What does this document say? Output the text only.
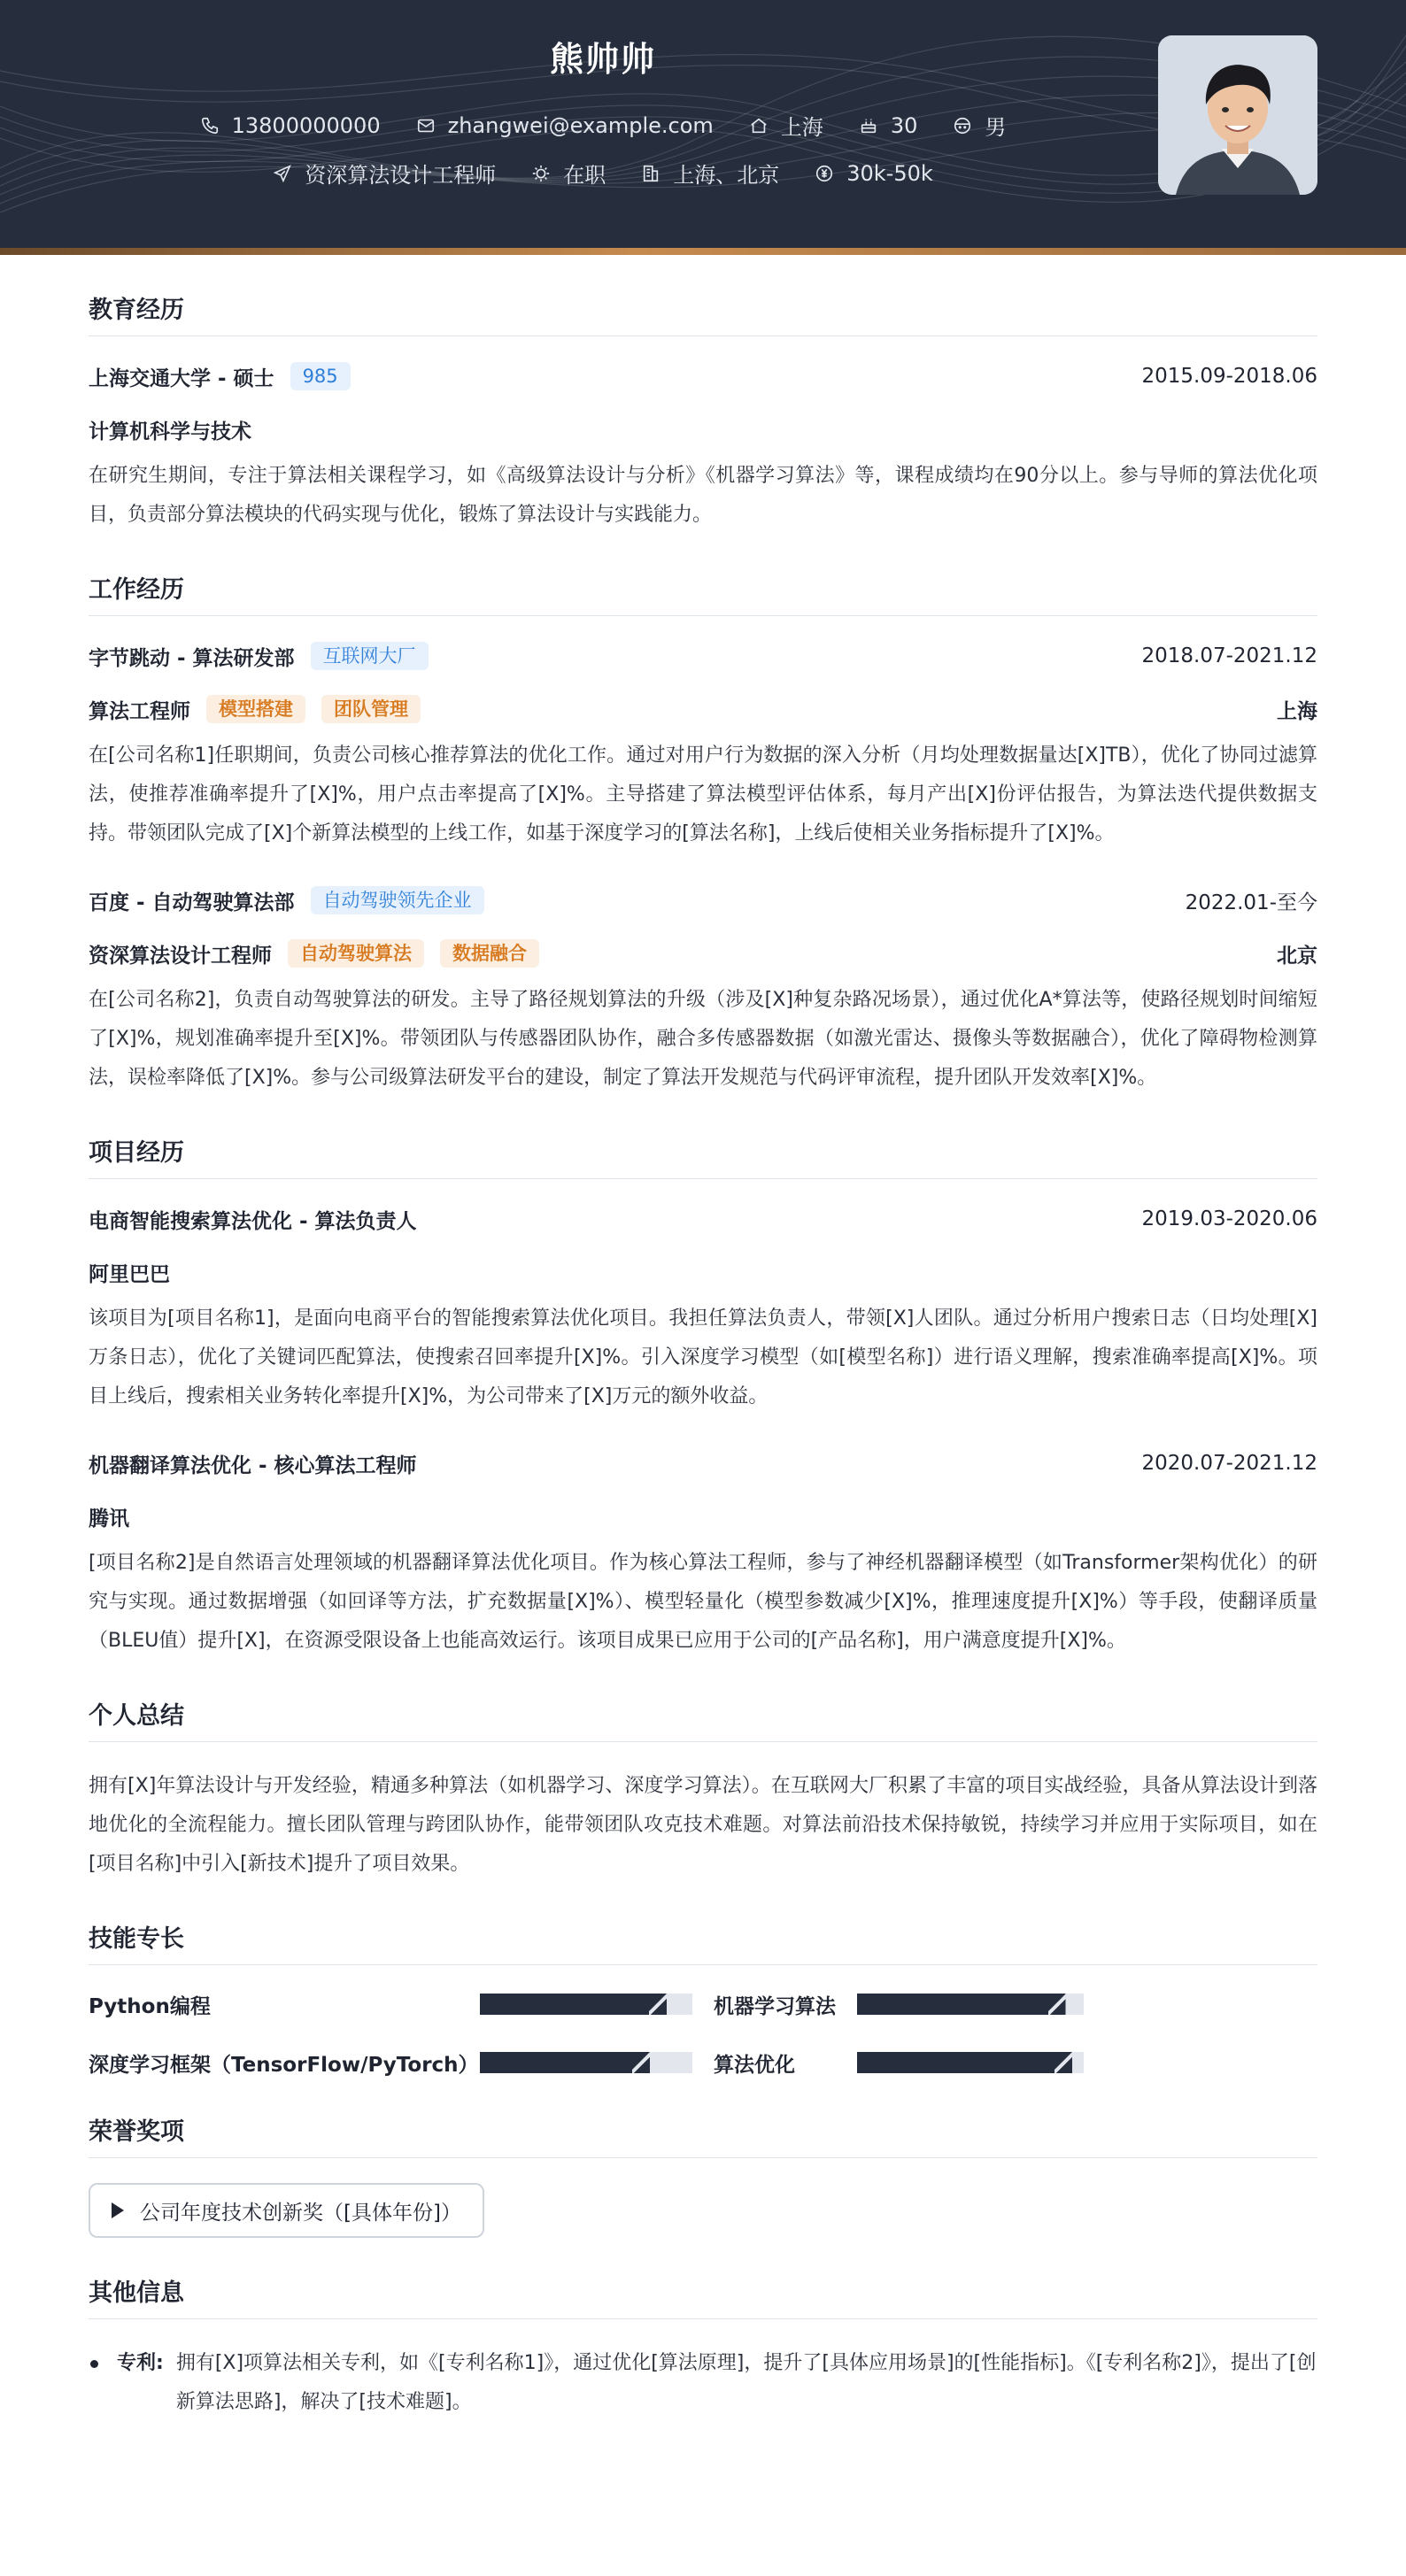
熊帅帅
13800000000	zhangwei@example.com	上海	30	男
资深算法设计工程师	在职	上海、北京	30k-50k
教育经历
上海交通大学 - 硕士	985	2015.09-2018.06
计算机科学与技术
在研究生期间，专注于算法相关课程学习，如《高级算法设计与分析》《机器学习算法》等，课程成绩均在90分以上。参与导师的算法优化项目，负责部分算法模块的代码实现与优化，锻炼了算法设计与实践能力。
工作经历
字节跳动 - 算法研发部	互联网大厂	2018.07-2021.12
算法工程师	模型搭建	团队管理	上海
在[公司名称1]任职期间，负责公司核心推荐算法的优化工作。通过对用户行为数据的深入分析（月均处理数据量达[X]TB），优化了协同过滤算法，使推荐准确率提升了[X]%，用户点击率提高了[X]%。主导搭建了算法模型评估体系，每月产出[X]份评估报告，为算法迭代提供数据支持。带领团队完成了[X]个新算法模型的上线工作，如基于深度学习的[算法名称]，上线后使相关业务指标提升了[X]%。
百度 - 自动驾驶算法部	自动驾驶领先企业	2022.01-至今
资深算法设计工程师	自动驾驶算法	数据融合	北京
在[公司名称2]，负责自动驾驶算法的研发。主导了路径规划算法的升级（涉及[X]种复杂路况场景），通过优化A*算法等，使路径规划时间缩短了[X]%，规划准确率提升至[X]%。带领团队与传感器团队协作，融合多传感器数据（如激光雷达、摄像头等数据融合），优化了障碍物检测算法，误检率降低了[X]%。参与公司级算法研发平台的建设，制定了算法开发规范与代码评审流程，提升团队开发效率[X]%。
项目经历
电商智能搜索算法优化 - 算法负责人	2019.03-2020.06
阿里巴巴
该项目为[项目名称1]，是面向电商平台的智能搜索算法优化项目。我担任算法负责人，带领[X]人团队。通过分析用户搜索日志（日均处理[X]万条日志），优化了关键词匹配算法，使搜索召回率提升[X]%。引入深度学习模型（如[模型名称]）进行语义理解，搜索准确率提高[X]%。项目上线后，搜索相关业务转化率提升[X]%，为公司带来了[X]万元的额外收益。
机器翻译算法优化 - 核心算法工程师	2020.07-2021.12
腾讯
[项目名称2]是自然语言处理领域的机器翻译算法优化项目。作为核心算法工程师，参与了神经机器翻译模型（如Transformer架构优化）的研究与实现。通过数据增强（如回译等方法，扩充数据量[X]%）、模型轻量化（模型参数减少[X]%，推理速度提升[X]%）等手段，使翻译质量（BLEU值）提升[X]，在资源受限设备上也能高效运行。该项目成果已应用于公司的[产品名称]，用户满意度提升[X]%。
个人总结
拥有[X]年算法设计与开发经验，精通多种算法（如机器学习、深度学习算法）。在互联网大厂积累了丰富的项目实战经验，具备从算法设计到落地优化的全流程能力。擅长团队管理与跨团队协作，能带领团队攻克技术难题。对算法前沿技术保持敏锐，持续学习并应用于实际项目，如在[项目名称]中引入[新技术]提升了项目效果。
技能专长
Python编程	机器学习算法
深度学习框架（TensorFlow/PyTorch）	算法优化
荣誉奖项
公司年度技术创新奖（[具体年份]）
其他信息
专利: 拥有[X]项算法相关专利，如《[专利名称1]》，通过优化[算法原理]，提升了[具体应用场景]的[性能指标]。《[专利名称2]》，提出了[创新算法思路]，解决了[技术难题]。
